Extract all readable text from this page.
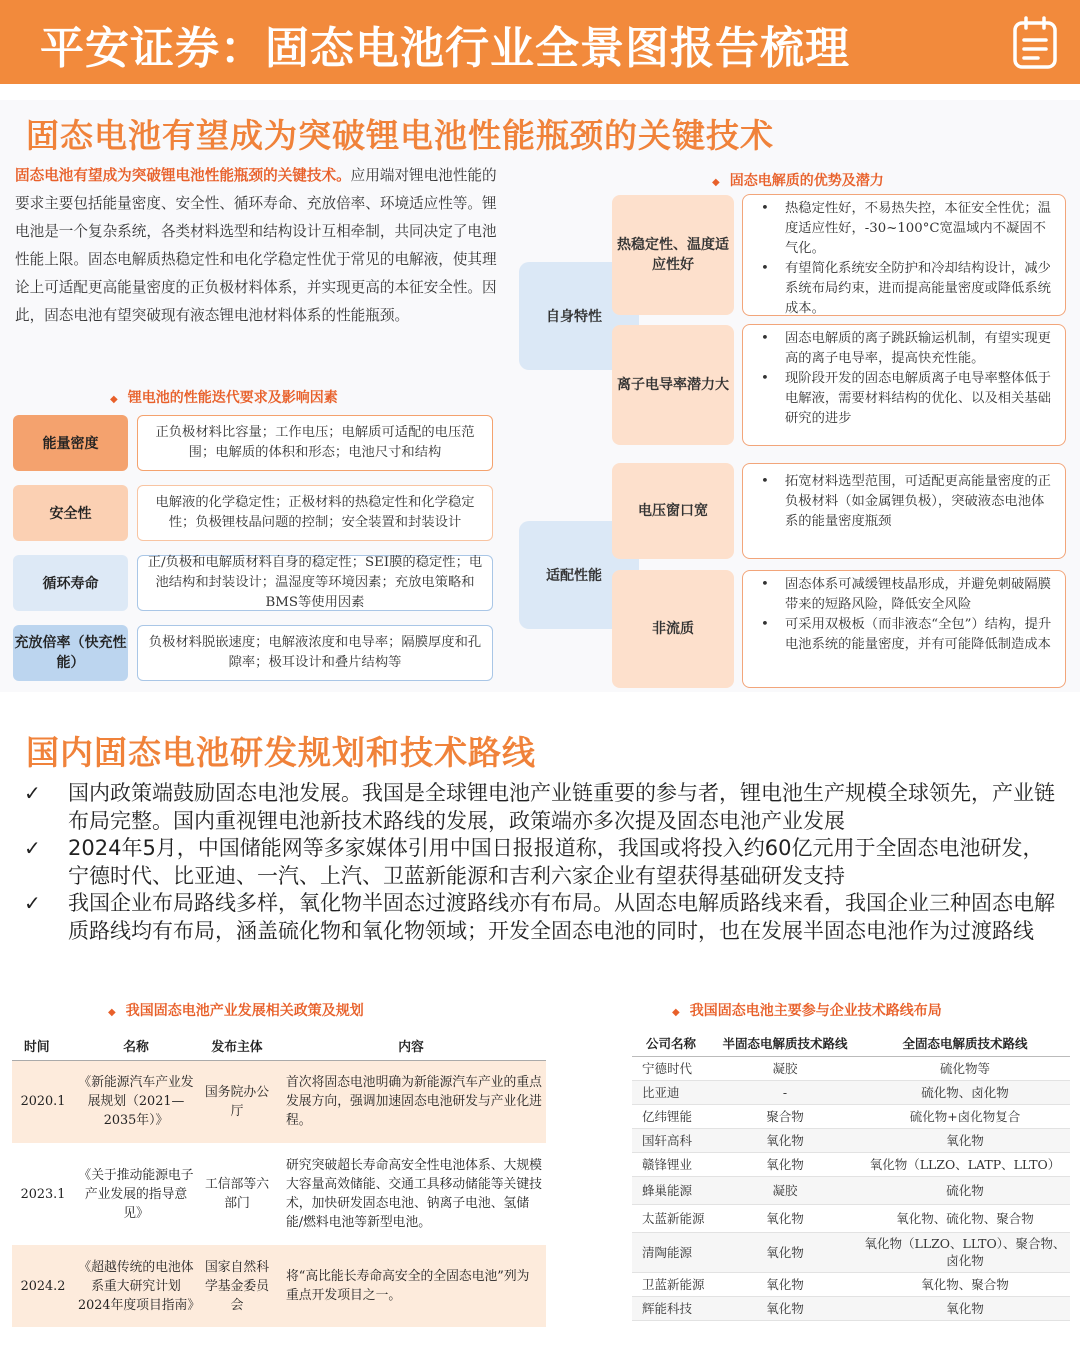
平安证券：固态电池行业全景图报告梳理
固态电池有望成为突破锂电池性能瓶颈的关键技术
固态电池有望成为突破锂电池性能瓶颈的关键技术。应用端对锂电池性能的要求主要包括能量密度、安全性、循环寿命、充放倍率、环境适应性等。锂电池是一个复杂系统，各类材料选型和结构设计互相牵制，共同决定了电池性能上限。固态电解质热稳定性和电化学稳定性优于常见的电解液，使其理论上可适配更高能量密度的正负极材料体系，并实现更高的本征安全性。因此，固态电池有望突破现有液态锂电池材料体系的性能瓶颈。
◆ 锂电池的性能迭代要求及影响因素
能量密度
正负极材料比容量；工作电压；电解质可适配的电压范围；电解质的体积和形态；电池尺寸和结构
安全性
电解液的化学稳定性；正极材料的热稳定性和化学稳定性；负极锂枝晶问题的控制；安全装置和封装设计
循环寿命
正/负极和电解质材料自身的稳定性；SEI膜的稳定性；电池结构和封装设计；温湿度等环境因素；充放电策略和BMS等使用因素
充放倍率（快充性能）
负极材料脱嵌速度；电解液浓度和电导率；隔膜厚度和孔隙率；极耳设计和叠片结构等
◆ 固态电解质的优势及潜力
自身特性
适配性能
热稳定性、温度适应性好
• 热稳定性好，不易热失控，本征安全性优；温度适应性好，-30~100°C宽温域内不凝固不气化。
• 有望简化系统安全防护和冷却结构设计，减少系统布局约束，进而提高能量密度或降低系统成本。
离子电导率潜力大
• 固态电解质的离子跳跃输运机制，有望实现更高的离子电导率，提高快充性能。
• 现阶段开发的固态电解质离子电导率整体低于电解液，需要材料结构的优化、以及相关基础研究的进步
电压窗口宽
• 拓宽材料选型范围，可适配更高能量密度的正负极材料（如金属锂负极），突破液态电池体系的能量密度瓶颈
非流质
• 固态体系可减缓锂枝晶形成，并避免刺破隔膜带来的短路风险，降低安全风险
• 可采用双极板（而非液态“全包”）结构，提升电池系统的能量密度，并有可能降低制造成本
国内固态电池研发规划和技术路线
✓ 国内政策端鼓励固态电池发展。我国是全球锂电池产业链重要的参与者，锂电池生产规模全球领先，产业链布局完整。国内重视锂电池新技术路线的发展，政策端亦多次提及固态电池产业发展
✓ 2024年5月，中国储能网等多家媒体引用中国日报报道称，我国或将投入约60亿元用于全固态电池研发，宁德时代、比亚迪、一汽、上汽、卫蓝新能源和吉利六家企业有望获得基础研发支持
✓ 我国企业布局路线多样，氧化物半固态过渡路线亦有布局。从固态电解质路线来看，我国企业三种固态电解质路线均有布局，涵盖硫化物和氧化物领域；开发全固态电池的同时，也在发展半固态电池作为过渡路线
◆ 我国固态电池产业发展相关政策及规划
时间	名称	发布主体	内容
2020.1	《新能源汽车产业发展规划（2021—2035年）》	国务院办公厅	首次将固态电池明确为新能源汽车产业的重点发展方向，强调加速固态电池研发与产业化进程。
2023.1	《关于推动能源电子产业发展的指导意见》	工信部等六部门	研究突破超长寿命高安全性电池体系、大规模大容量高效储能、交通工具移动储能等关键技术，加快研发固态电池、钠离子电池、氢储能/燃料电池等新型电池。
2024.2	《超越传统的电池体系重大研究计划2024年度项目指南》	国家自然科学基金委员会	将“高比能长寿命高安全的全固态电池”列为重点开发项目之一。
◆ 我国固态电池主要参与企业技术路线布局
公司名称	半固态电解质技术路线	全固态电解质技术路线
宁德时代	凝胶	硫化物等
比亚迪	-	硫化物、卤化物
亿纬锂能	聚合物	硫化物+卤化物复合
国轩高科	氧化物	氧化物
赣锋锂业	氧化物	氧化物（LLZO、LATP、LLTO）
蜂巢能源	凝胶	硫化物
太蓝新能源	氧化物	氧化物、硫化物、聚合物
清陶能源	氧化物	氧化物（LLZO、LLTO）、聚合物、卤化物
卫蓝新能源	氧化物	氧化物、聚合物
辉能科技	氧化物	氧化物
